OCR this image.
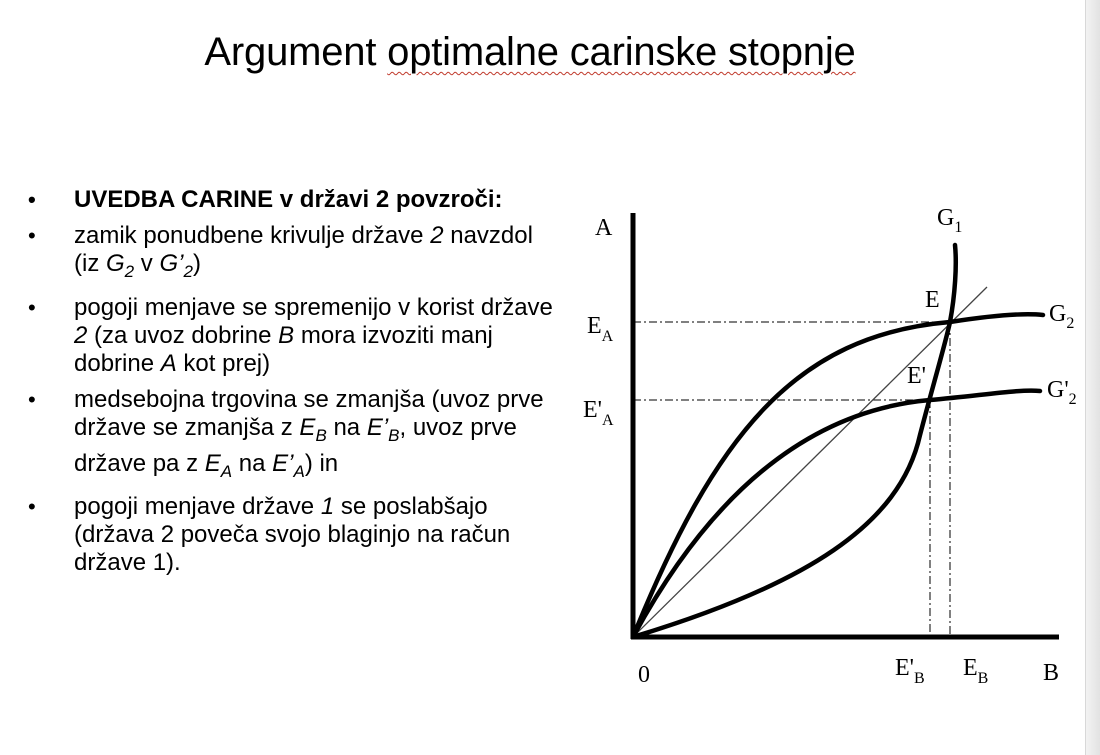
Argument optimalne carinske stopnje
• UVEDBA CARINE v državi 2 povzroči:
• zamik ponudbene krivulje države 2 navzdol (iz $G_2$ v $G’_2$)
• pogoji menjave se spremenijo v korist države 2 (za uvoz dobrine B mora izvoziti manj dobrine A kot prej)
• medsebojna trgovina se zmanjša (uvoz prve države se zmanjša z $E_B$ na $E’_B$, uvoz prve države pa z $E_A$ na $E’_A$) in
• pogoji menjave države 1 se poslabšajo (država 2 poveča svojo blaginjo na račun države 1).
A
B
0
$G_1$
$G_2$
$G'_2$
E
E'
$E_A$
$E'_A$
$E'_B$ $E_B$
